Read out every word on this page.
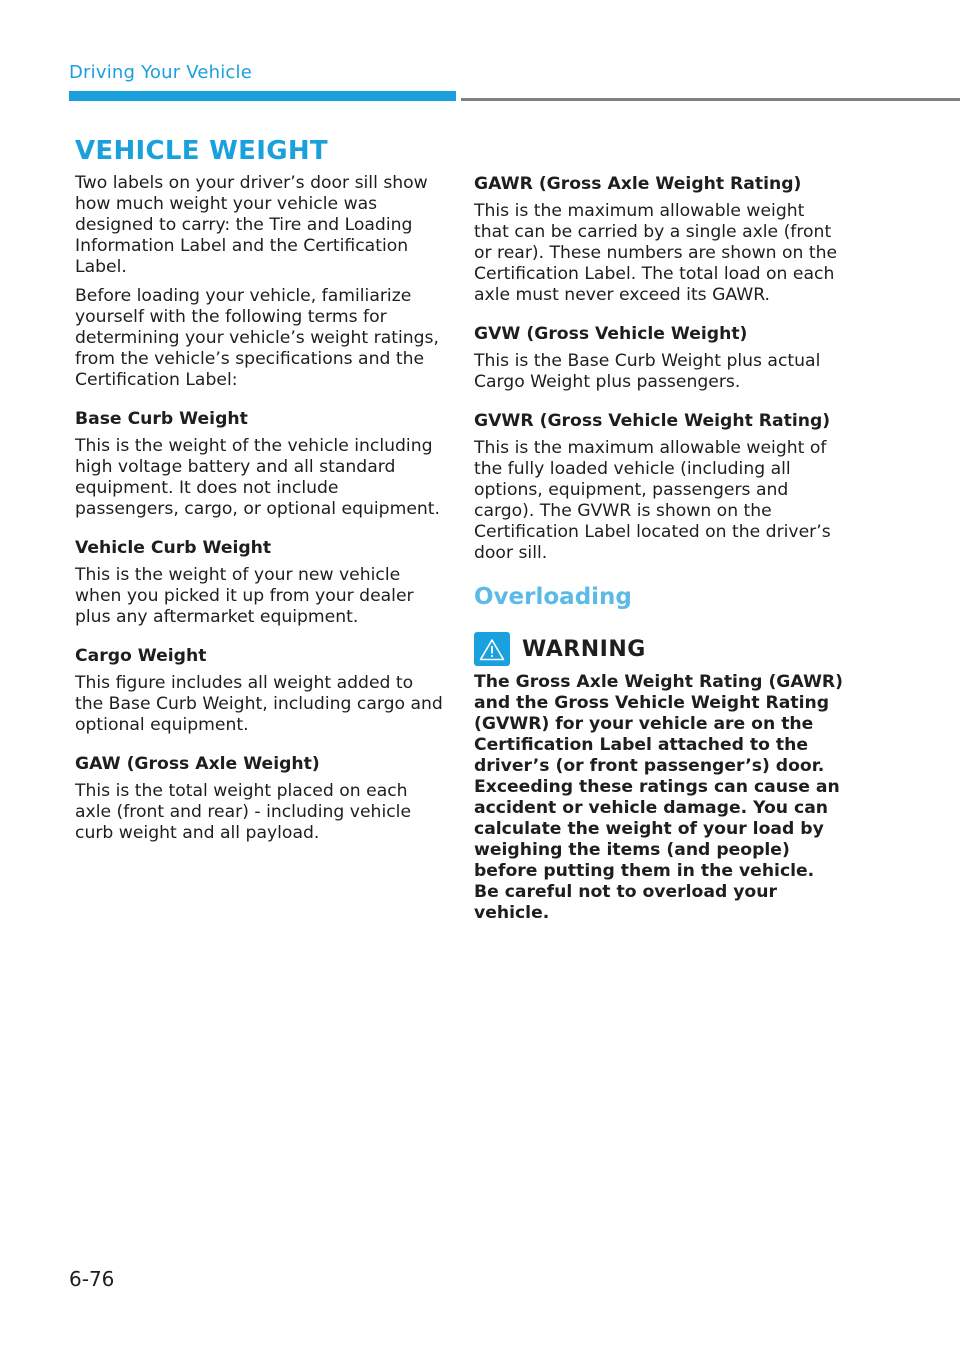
Driving Your Vehicle
VEHICLE WEIGHT

Two labels on your driver’s door sill show how much weight your vehicle was designed to carry: the Tire and Loading Information Label and the Certification Label.

Before loading your vehicle, familiarize yourself with the following terms for determining your vehicle’s weight ratings, from the vehicle’s specifications and the Certification Label:

Base Curb Weight

This is the weight of the vehicle including high voltage battery and all standard equipment. It does not include passengers, cargo, or optional equipment.

Vehicle Curb Weight

This is the weight of your new vehicle when you picked it up from your dealer plus any aftermarket equipment.

Cargo Weight

This figure includes all weight added to the Base Curb Weight, including cargo and optional equipment.

GAW (Gross Axle Weight)

This is the total weight placed on each axle (front and rear) - including vehicle curb weight and all payload.

GAWR (Gross Axle Weight Rating)

This is the maximum allowable weight that can be carried by a single axle (front or rear). These numbers are shown on the Certification Label. The total load on each axle must never exceed its GAWR.

GVW (Gross Vehicle Weight)

This is the Base Curb Weight plus actual Cargo Weight plus passengers.

GVWR (Gross Vehicle Weight Rating)

This is the maximum allowable weight of the fully loaded vehicle (including all options, equipment, passengers and cargo). The GVWR is shown on the Certification Label located on the driver’s door sill.

Overloading
WARNING

The Gross Axle Weight Rating (GAWR) and the Gross Vehicle Weight Rating (GVWR) for your vehicle are on the Certification Label attached to the driver’s (or front passenger’s) door. Exceeding these ratings can cause an accident or vehicle damage. You can calculate the weight of your load by weighing the items (and people) before putting them in the vehicle. Be careful not to overload your vehicle.

6-76
